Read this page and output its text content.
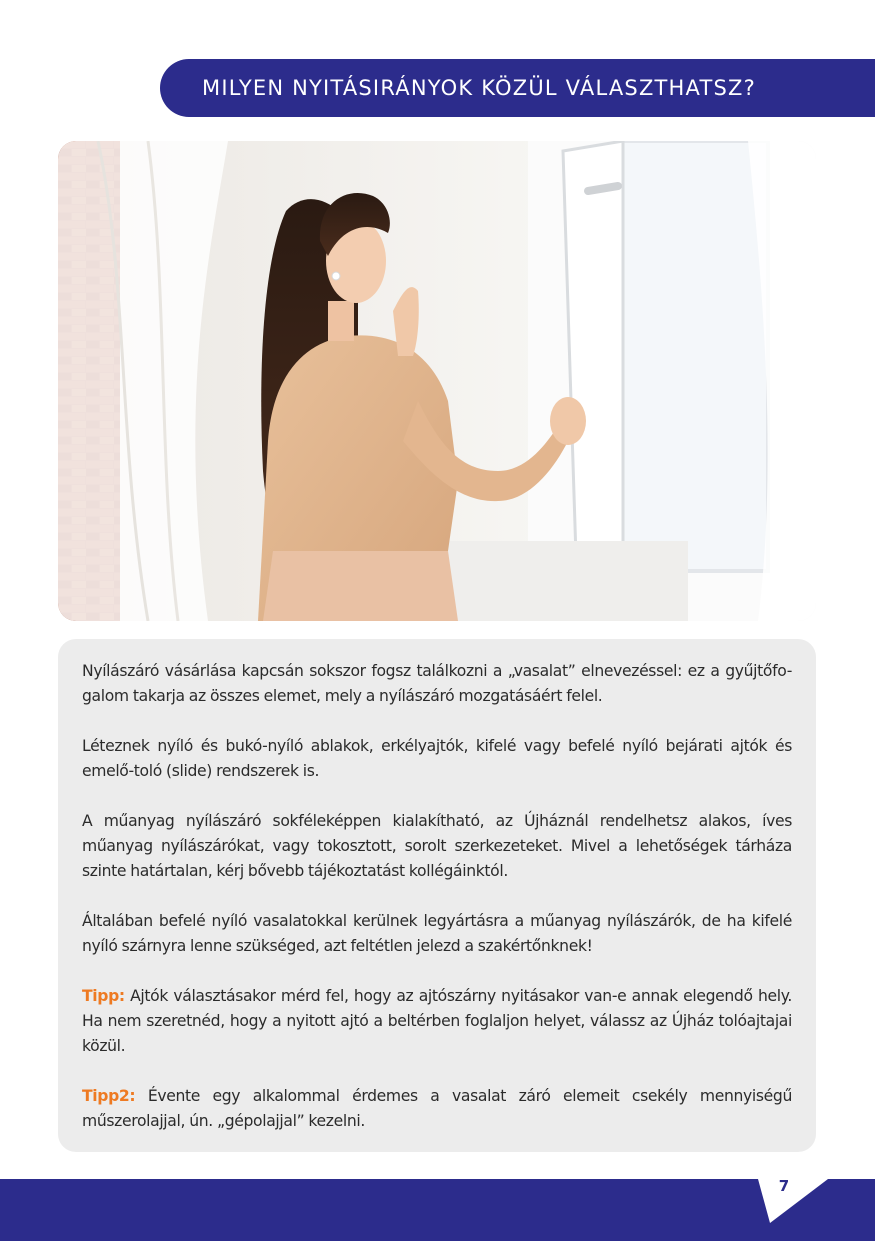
MILYEN NYITÁSIRÁNYOK KÖZÜL VÁLASZTHATSZ?

Nyílászáró vásárlása kapcsán sokszor fogsz találkozni a „vasalat” elnevezéssel: ez a gyűjtőfo-galom takarja az összes elemet, mely a nyílászáró mozgatásáért felel.

Léteznek nyíló és bukó-nyíló ablakok, erkélyajtók, kifelé vagy befelé nyíló bejárati ajtók és emelő-toló (slide) rendszerek is.

A műanyag nyílászáró sokféleképpen kialakítható, az Újháznál rendelhetsz alakos, íves műanyag nyílászárókat, vagy tokosztott, sorolt szerkezeteket. Mivel a lehetőségek tárháza szinte határtalan, kérj bővebb tájékoztatást kollégáinktól.

Általában befelé nyíló vasalatokkal kerülnek legyártásra a műanyag nyílászárók, de ha kifelé nyíló szárnyra lenne szükséged, azt feltétlen jelezd a szakértőnknek!

Tipp: Ajtók választásakor mérd fel, hogy az ajtószárny nyitásakor van-e annak elegendő hely. Ha nem szeretnéd, hogy a nyitott ajtó a beltérben foglaljon helyet, válassz az Újház tolóajtajai közül.

Tipp2: Évente egy alkalommal érdemes a vasalat záró elemeit csekély mennyiségű műszerolajjal, ún. „gépolajjal” kezelni.

7
